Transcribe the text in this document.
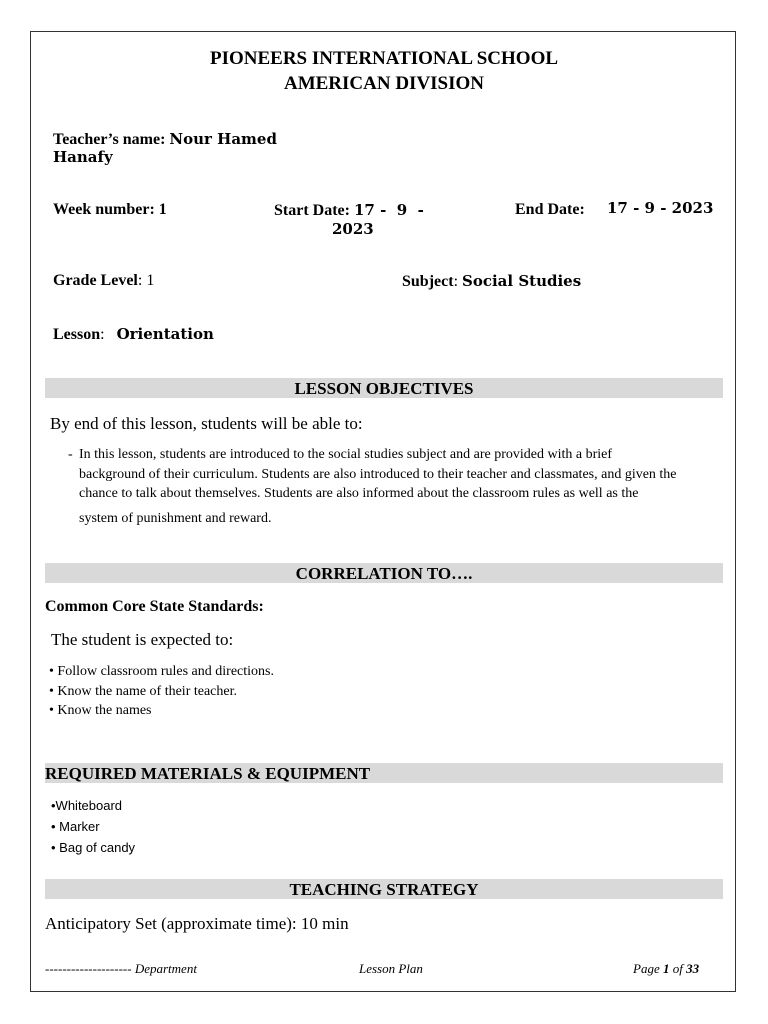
PIONEERS INTERNATIONAL SCHOOL
AMERICAN DIVISION
Teacher’s name: Nour Hamed
Hanafy
Week number: 1	Start Date: 17 -  9  -
2023
End Date: 17 - 9 - 2023
Grade Level: 1	Subject: Social Studies
Lesson: Orientation
LESSON OBJECTIVES
By end of this lesson, students will be able to:
- In this lesson, students are introduced to the social studies subject and are provided with a brief
background of their curriculum. Students are also introduced to their teacher and classmates, and given the
chance to talk about themselves. Students are also informed about the classroom rules as well as the
system of punishment and reward.
CORRELATION TO….
Common Core State Standards:
The student is expected to:
• Follow classroom rules and directions.
• Know the name of their teacher.
• Know the names
REQUIRED MATERIALS & EQUIPMENT
•Whiteboard
• Marker
• Bag of candy
TEACHING STRATEGY
Anticipatory Set (approximate time): 10 min
-------------------- Department	Lesson Plan	Page 1 of 33
